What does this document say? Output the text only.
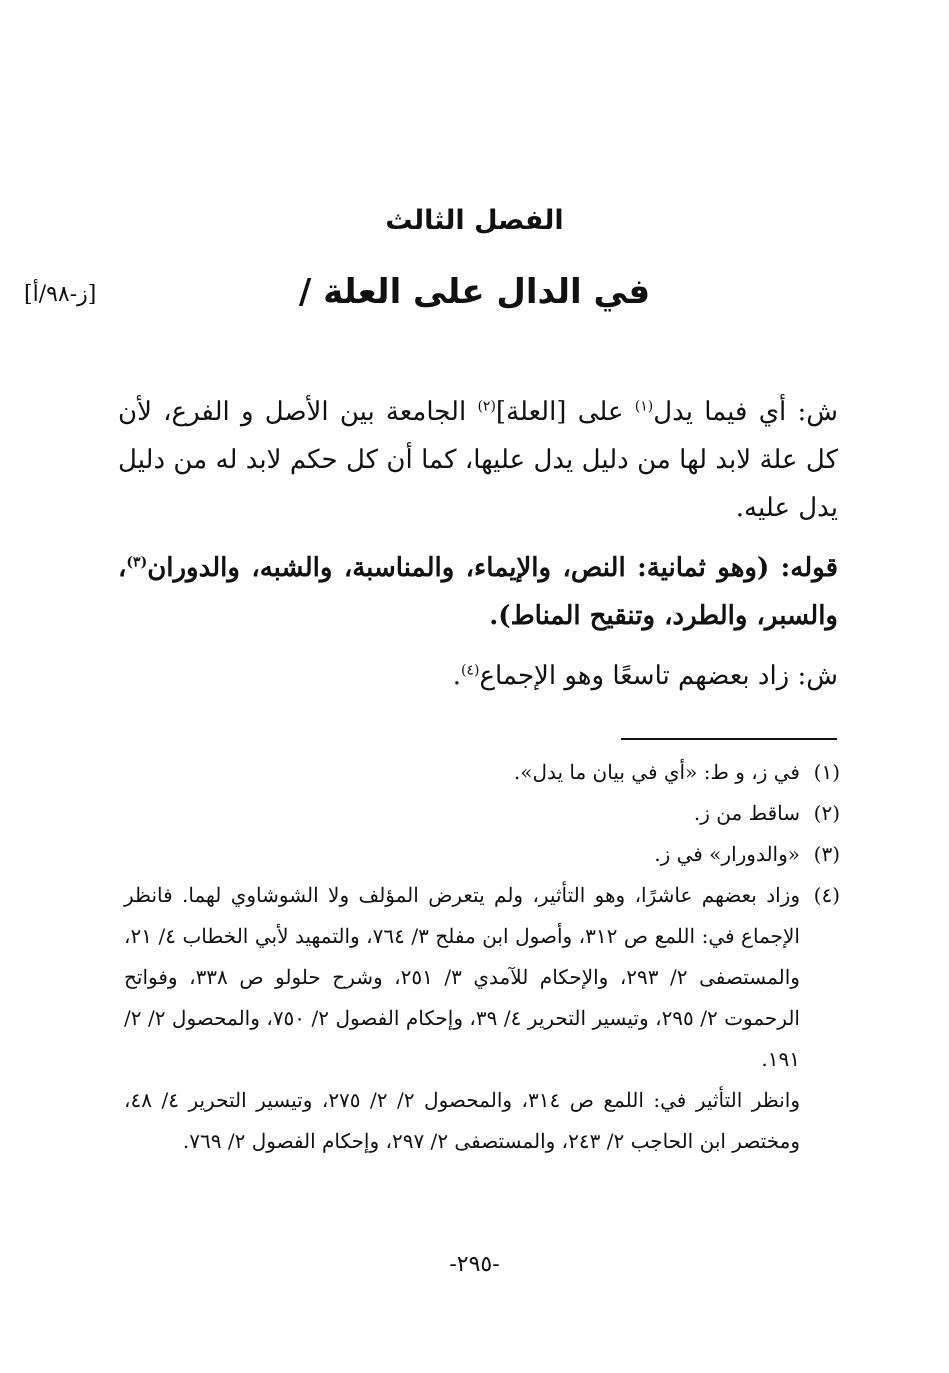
الفصل الثالث
في الدال على العلة /
[ز-٩٨/أ]

ش: أي فيما يدل$^{(١)}$ على [العلة]$^{(٢)}$ الجامعة بين الأصل و الفرع، لأن كل علة لابد لها من دليل يدل عليها، كما أن كل حكم لابد له من دليل يدل عليه.

قوله: (وهو ثمانية: النص، والإيماء، والمناسبة، والشبه، والدوران$^{(٣)}$، والسبر، والطرد، وتنقيح المناط).

ش: زاد بعضهم تاسعًا وهو الإجماع$^{(٤)}$.

(١)
في ز، و ط: «أي في بيان ما يدل».
(٢)
ساقط من ز.
(٣)
«والدورار» في ز.
(٤)
وزاد بعضهم عاشرًا، وهو التأثير، ولم يتعرض المؤلف ولا الشوشاوي لهما. فانظر الإجماع في: اللمع ص ٣١٢، وأصول ابن مفلح ٣/ ٧٦٤، والتمهيد لأبي الخطاب ٤/ ٢١، والمستصفى ٢/ ٢٩٣، والإحكام للآمدي ٣/ ٢٥١، وشرح حلولو ص ٣٣٨، وفواتح الرحموت ٢/ ٢٩٥، وتيسير التحرير ٤/ ٣٩، وإحكام الفصول ٢/ ٧٥٠، والمحصول ٢/ ٢/ ١٩١.
وانظر التأثير في: اللمع ص ٣١٤، والمحصول ٢/ ٢/ ٢٧٥، وتيسير التحرير ٤/ ٤٨، ومختصر ابن الحاجب ٢/ ٢٤٣، والمستصفى ٢/ ٢٩٧، وإحكام الفصول ٢/ ٧٦٩.
-٢٩٥-
